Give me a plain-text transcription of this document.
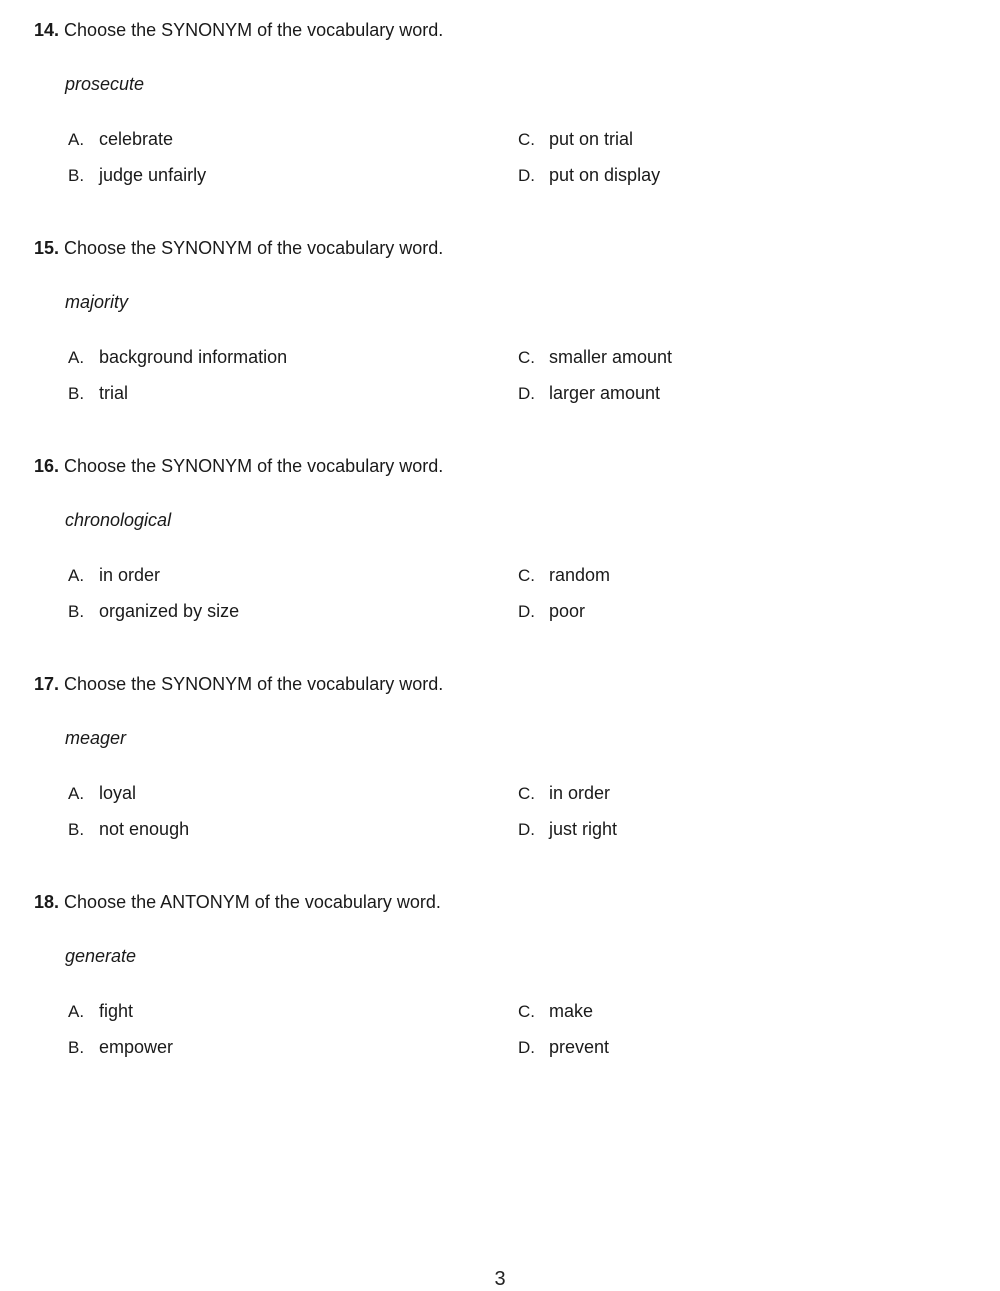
14. Choose the SYNONYM of the vocabulary word.
prosecute
A. celebrate
B. judge unfairly
C. put on trial
D. put on display
15. Choose the SYNONYM of the vocabulary word.
majority
A. background information
B. trial
C. smaller amount
D. larger amount
16. Choose the SYNONYM of the vocabulary word.
chronological
A. in order
B. organized by size
C. random
D. poor
17. Choose the SYNONYM of the vocabulary word.
meager
A. loyal
B. not enough
C. in order
D. just right
18. Choose the ANTONYM of the vocabulary word.
generate
A. fight
B. empower
C. make
D. prevent
3
